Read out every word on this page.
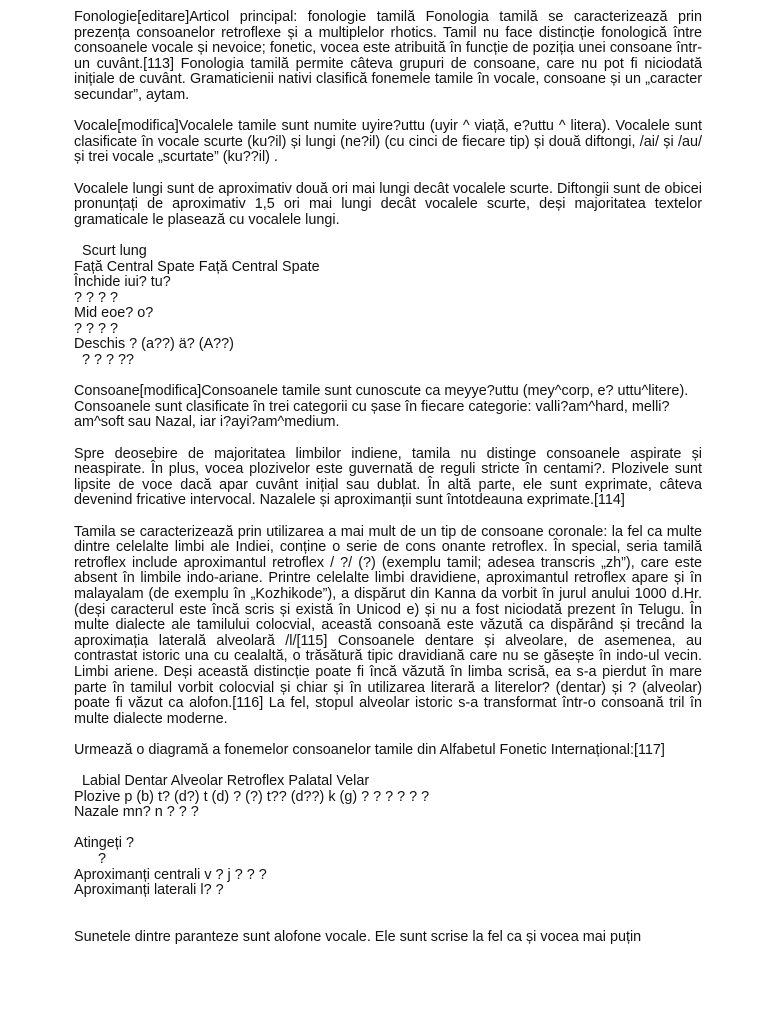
Fonologie[editare]Articol principal: fonologie tamilă Fonologia tamilă se caracterizează prin prezența consoanelor retroflexe și a multiplelor rhotics. Tamil nu face distincție fonologică între consoanele vocale și nevoice; fonetic, vocea este atribuită în funcție de poziția unei consoane într-un cuvânt.[113] Fonologia tamilă permite câteva grupuri de consoane, care nu pot fi niciodată inițiale de cuvânt. Gramaticienii nativi clasifică fonemele tamile în vocale, consoane și un „caracter secundar”, aytam.

Vocale[modifica]Vocalele tamile sunt numite uyire?uttu (uyir ^ viață, e?uttu ^ litera). Vocalele sunt clasificate în vocale scurte (ku?il) și lungi (ne?il) (cu cinci de fiecare tip) și două diftongi, /ai/ și /au/ și trei vocale „scurtate” (ku??il) .

Vocalele lungi sunt de aproximativ două ori mai lungi decât vocalele scurte. Diftongii sunt de obicei pronunțați de aproximativ 1,5 ori mai lungi decât vocalele scurte, deși majoritatea textelor gramaticale le plasează cu vocalele lungi.

Scurt lung
Față Central Spate Față Central Spate
Închide iui? tu?
? ? ? ?
Mid eoe? o?
? ? ? ?
Deschis ? (a??) ä? (A??)
? ? ? ??

Consoane[modifica]Consoanele tamile sunt cunoscute ca meyye?uttu (mey^corp, e? uttu^litere). Consoanele sunt clasificate în trei categorii cu șase în fiecare categorie: valli?am^hard, melli?am^soft sau Nazal, iar i?ayi?am^medium.

Spre deosebire de majoritatea limbilor indiene, tamila nu distinge consoanele aspirate și neaspirate. În plus, vocea plozivelor este guvernată de reguli stricte în centami?. Plozivele sunt lipsite de voce dacă apar cuvânt inițial sau dublat. În altă parte, ele sunt exprimate, câteva devenind fricative intervocal. Nazalele și aproximanții sunt întotdeauna exprimate.[114]

Tamila se caracterizează prin utilizarea a mai mult de un tip de consoane coronale: la fel ca multe dintre celelalte limbi ale Indiei, conține o serie de cons onante retroflex. În special, seria tamilă retroflex include aproximantul retroflex / ?/ (?) (exemplu tamil; adesea transcris „zh”), care este absent în limbile indo-ariane. Printre celelalte limbi dravidiene, aproximantul retroflex apare și în malayalam (de exemplu în „Kozhikode”), a dispărut din Kanna da vorbit în jurul anului 1000 d.Hr. (deși caracterul este încă scris și există în Unicod e) și nu a fost niciodată prezent în Telugu. În multe dialecte ale tamilului colocvial, această consoană este văzută ca dispărând și trecând la aproximația laterală alveolară /l/[115] Consoanele dentare și alveolare, de asemenea, au contrastat istoric una cu cealaltă, o trăsătură tipic dravidiană care nu se găsește în indo-ul vecin. Limbi ariene. Deși această distincție poate fi încă văzută în limba scrisă, ea s-a pierdut în mare parte în tamilul vorbit colocvial și chiar și în utilizarea literară a literelor? (dentar) și ? (alveolar) poate fi văzut ca alofon.[116] La fel, stopul alveolar istoric s-a transformat într-o consoană tril în multe dialecte moderne.

Urmează o diagramă a fonemelor consoanelor tamile din Alfabetul Fonetic Internațional:[117]

Labial Dentar Alveolar Retroflex Palatal Velar
Plozive p (b) t? (d?) t (d) ? (?) t?? (d??) k (g) ? ? ? ? ? ?
Nazale mn? n ? ? ?
Atingeți ?
?
Aproximanți centrali v ? j ? ? ?
Aproximanți laterali l? ?

Sunetele dintre paranteze sunt alofone vocale. Ele sunt scrise la fel ca și vocea mai puțin
